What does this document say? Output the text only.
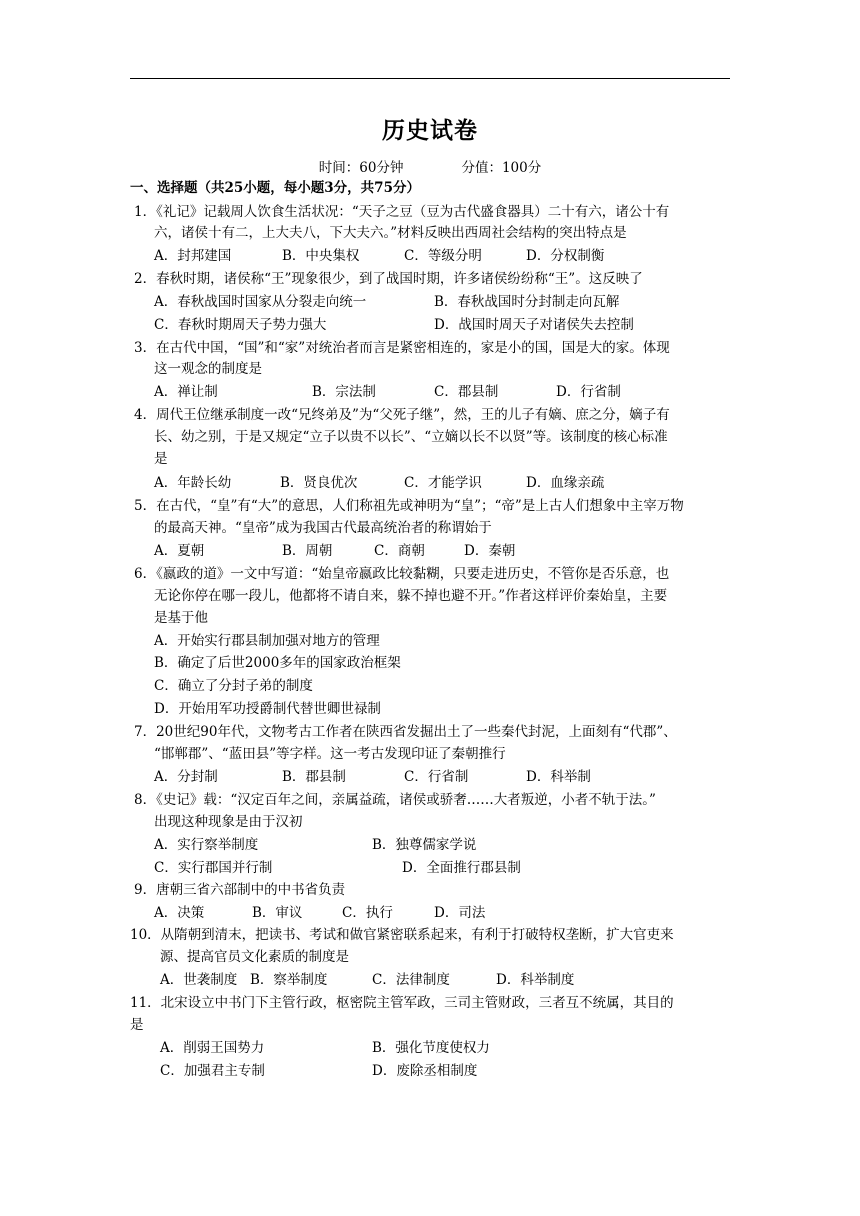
历史试卷
时间：60分钟	分值：100分
一、选择题（共25小题，每小题3分，共75分）
1．《礼记》记载周人饮食生活状况：“天子之豆（豆为古代盛食器具）二十有六，诸公十有
六，诸侯十有二，上大夫八，下大夫六。”材料反映出西周社会结构的突出特点是
A．封邦建国	B．中央集权	C．等级分明	D．分权制衡
2．春秋时期，诸侯称“王”现象很少，到了战国时期，许多诸侯纷纷称“王”。这反映了
A．春秋战国时国家从分裂走向统一	B．春秋战国时分封制走向瓦解
C．春秋时期周天子势力强大	D．战国时周天子对诸侯失去控制
3．在古代中国，“国”和“家”对统治者而言是紧密相连的，家是小的国，国是大的家。体现
这一观念的制度是
A．禅让制	B．宗法制	C．郡县制	D．行省制
4．周代王位继承制度一改“兄终弟及”为“父死子继”，然，王的儿子有嫡、庶之分，嫡子有
长、幼之别，于是又规定“立子以贵不以长”、“立嫡以长不以贤”等。该制度的核心标准
是
A．年龄长幼	B．贤良优次	C．才能学识	D．血缘亲疏
5．在古代，“皇”有“大”的意思，人们称祖先或神明为“皇”；“帝”是上古人们想象中主宰万物
的最高天神。“皇帝”成为我国古代最高统治者的称谓始于
A．夏朝	B．周朝	C．商朝	D．秦朝
6．《嬴政的道》一文中写道：“始皇帝嬴政比较黏糊，只要走进历史，不管你是否乐意，也
无论你停在哪一段儿，他都将不请自来，躲不掉也避不开。”作者这样评价秦始皇，主要
是基于他
A．开始实行郡县制加强对地方的管理
B．确定了后世2000多年的国家政治框架
C．确立了分封子弟的制度
D．开始用军功授爵制代替世卿世禄制
7．20世纪90年代，文物考古工作者在陕西省发掘出土了一些秦代封泥，上面刻有“代郡”、
“邯郸郡”、“蓝田县”等字样。这一考古发现印证了秦朝推行
A．分封制	B．郡县制	C．行省制	D．科举制
8．《史记》载：“汉定百年之间，亲属益疏，诸侯或骄奢……大者叛逆，小者不轨于法。”
出现这种现象是由于汉初
A．实行察举制度	B．独尊儒家学说
C．实行郡国并行制	D．全面推行郡县制
9．唐朝三省六部制中的中书省负责
A．决策	B．审议	C．执行	D．司法
10．从隋朝到清末，把读书、考试和做官紧密联系起来，有利于打破特权垄断，扩大官吏来
源、提高官员文化素质的制度是
A．世袭制度 B．察举制度	C．法律制度	D．科举制度
11．北宋设立中书门下主管行政，枢密院主管军政，三司主管财政，三者互不统属，其目的
是
A．削弱王国势力	B．强化节度使权力
C．加强君主专制	D．废除丞相制度
